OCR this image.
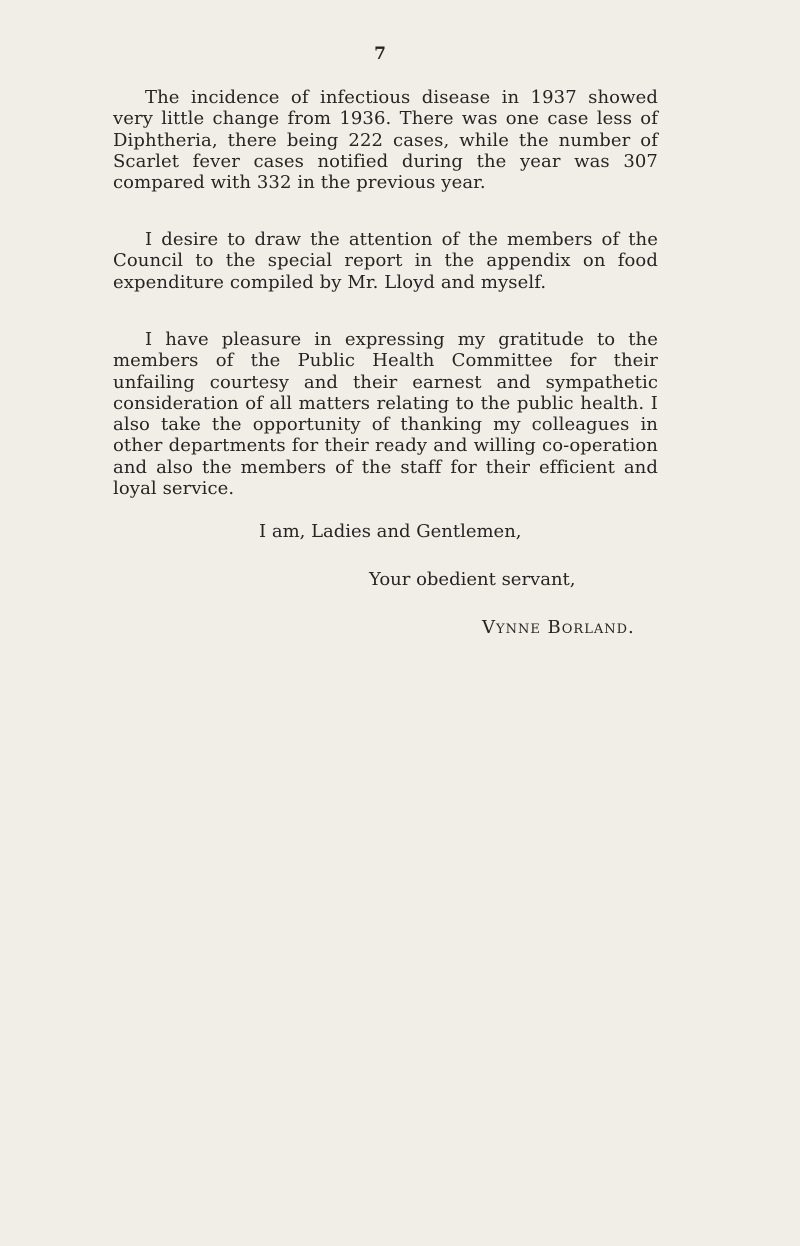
7

The incidence of infectious disease in 1937 showed very little change from 1936. There was one case less of Diphtheria, there being 222 cases, while the number of Scarlet fever cases notified during the year was 307 compared with 332 in the previous year.

I desire to draw the attention of the members of the Council to the special report in the appendix on food expenditure compiled by Mr. Lloyd and myself.

I have pleasure in expressing my gratitude to the members of the Public Health Committee for their unfailing courtesy and their earnest and sympathetic consideration of all matters relating to the public health. I also take the opportunity of thanking my colleagues in other departments for their ready and willing co-operation and also the members of the staff for their efficient and loyal service.

I am, Ladies and Gentlemen,
Your obedient servant,
Vynne Borland.
